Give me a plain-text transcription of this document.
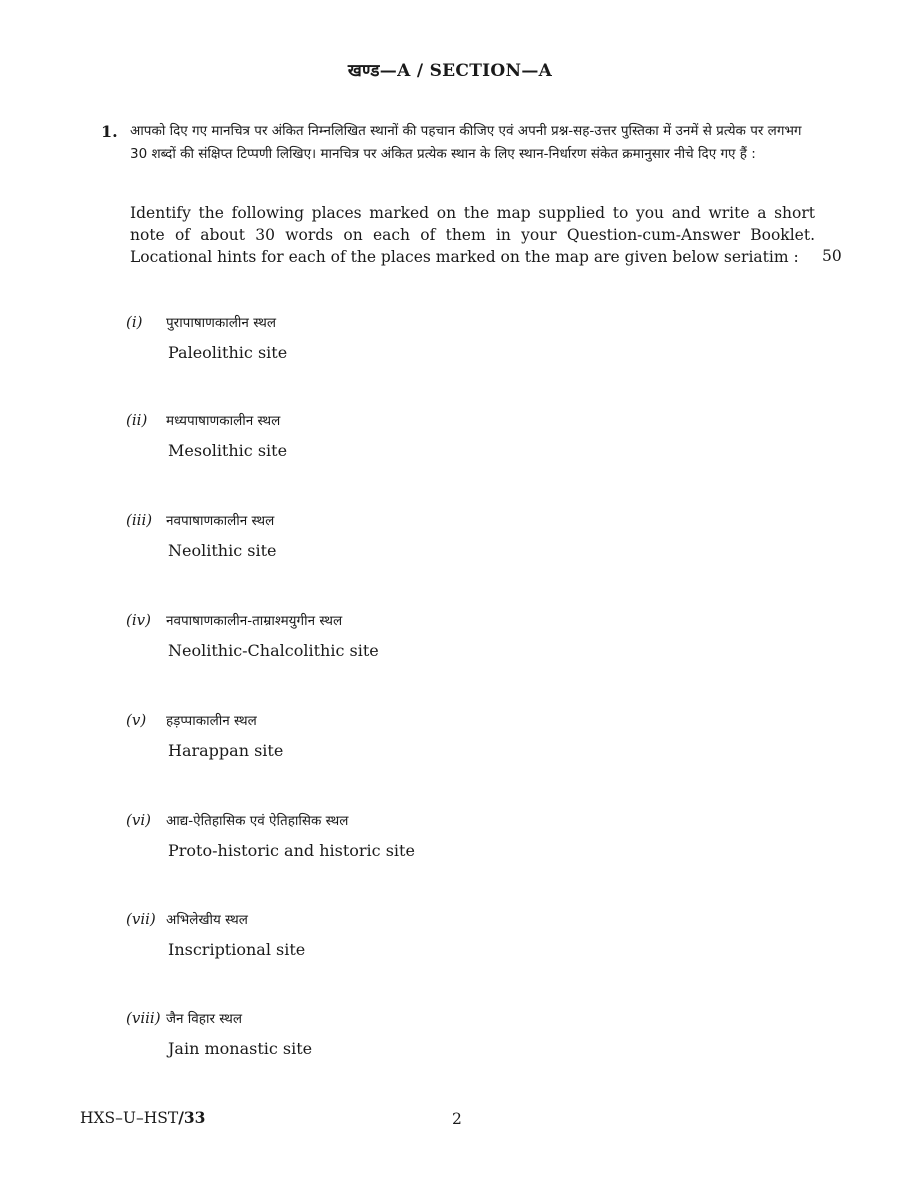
खण्ड—A / SECTION—A
1. आपको दिए गए मानचित्र पर अंकित निम्नलिखित स्थानों की पहचान कीजिए एवं अपनी प्रश्न-सह-उत्तर पुस्तिका में उनमें से प्रत्येक पर लगभग 30 शब्दों की संक्षिप्त टिप्पणी लिखिए। मानचित्र पर अंकित प्रत्येक स्थान के लिए स्थान-निर्धारण संकेत क्रमानुसार नीचे दिए गए हैं :
Identify the following places marked on the map supplied to you and write a short note of about 30 words on each of them in your Question-cum-Answer Booklet. Locational hints for each of the places marked on the map are given below seriatim :	50
(i) पुरापाषाणकालीन स्थल
Paleolithic site
(ii) मध्यपाषाणकालीन स्थल
Mesolithic site
(iii) नवपाषाणकालीन स्थल
Neolithic site
(iv) नवपाषाणकालीन-ताम्राश्मयुगीन स्थल
Neolithic-Chalcolithic site
(v) हड़प्पाकालीन स्थल
Harappan site
(vi) आद्य-ऐतिहासिक एवं ऐतिहासिक स्थल
Proto-historic and historic site
(vii) अभिलेखीय स्थल
Inscriptional site
(viii) जैन विहार स्थल
Jain monastic site
HXS–U–HST/33	2
